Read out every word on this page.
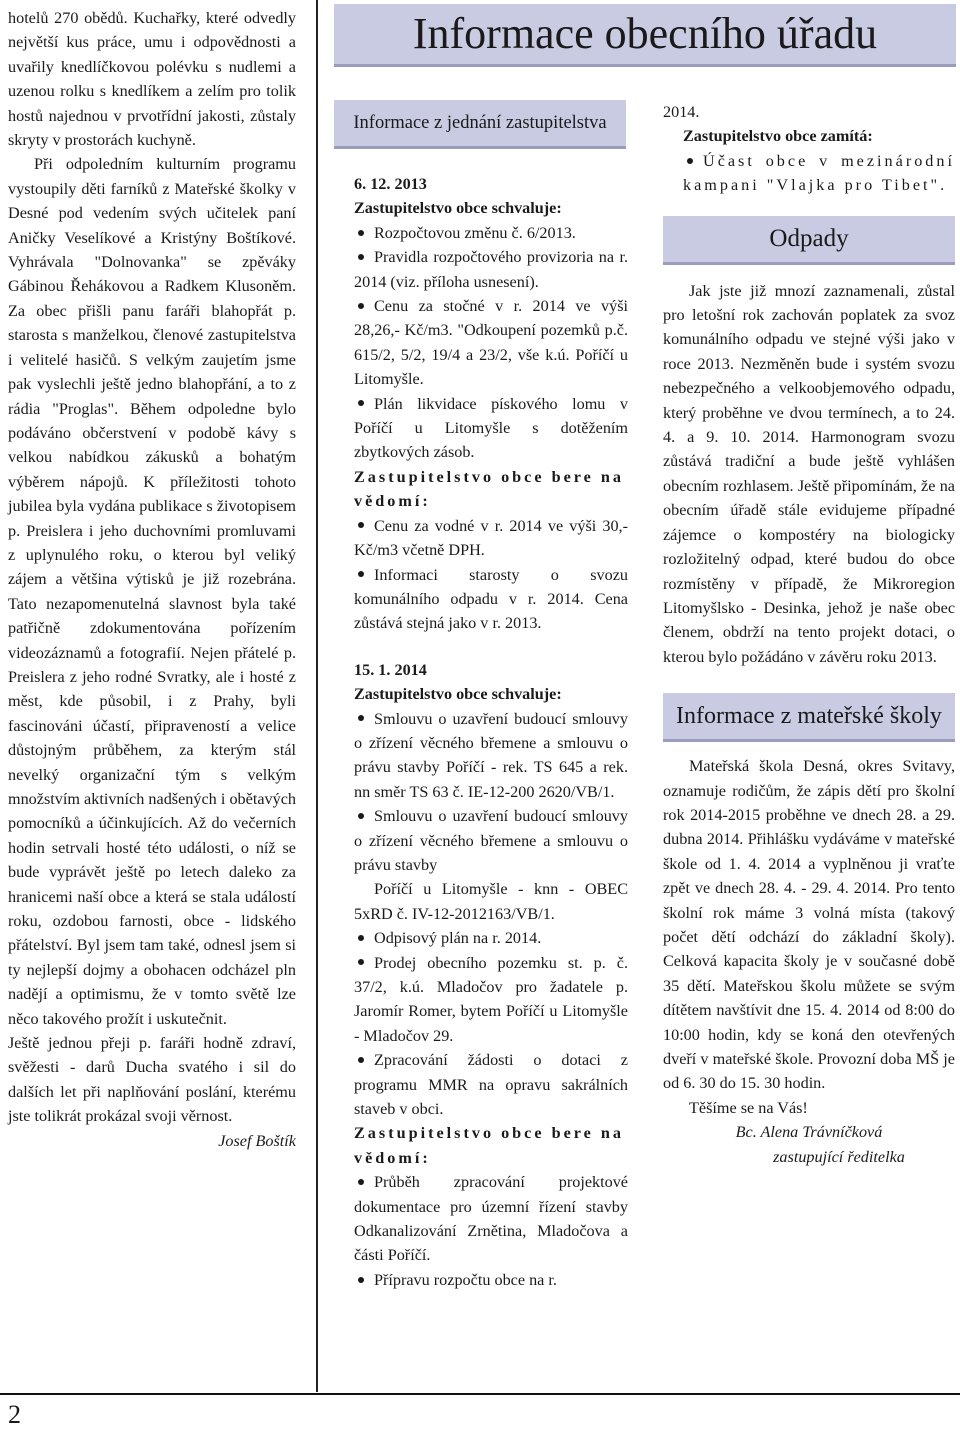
2
Informace obecního úřadu

hotelů 270 obědů. Kuchařky, které odvedly největší kus práce, umu i odpovědnosti a uvařily knedlíčkovou polévku s nudlemi a uzenou rolku s knedlíkem a zelím pro tolik hostů najednou v prvotřídní jakosti, zůstaly skryty v prostorách kuchyně.

Při odpoledním kulturním programu vystoupily děti farníků z Mateřské školky v Desné pod vedením svých učitelek paní Aničky Veselíkové a Kristýny Boštíkové. Vyhrávala "Dolnovanka" se zpěváky Gábinou Řehákovou a Radkem Klusoněm. Za obec přišli panu faráři blahopřát p. starosta s manželkou, členové zastupitelstva i velitelé hasičů. S velkým zaujetím jsme pak vyslechli ještě jedno blahopřání, a to z rádia "Proglas". Během odpoledne bylo podáváno občerstvení v podobě kávy s velkou nabídkou zákusků a bohatým výběrem nápojů. K příležitosti tohoto jubilea byla vydána publikace s životopisem p. Preislera i jeho duchovními promluvami z uplynulého roku, o kterou byl veliký zájem a většina výtisků je již rozebrána. Tato nezapomenutelná slavnost byla také patřičně zdokumentována pořízením videozáznamů a fotografií. Nejen přátelé p. Preislera z jeho rodné Svratky, ale i hosté z měst, kde působil, i z Prahy, byli fascinováni účastí, připraveností a velice důstojným průběhem, za kterým stál nevelký organizační tým s velkým množstvím aktivních nadšených i obětavých pomocníků a účinkujících. Až do večerních hodin setrvali hosté této události, o níž se bude vyprávět ještě po letech daleko za hranicemi naší obce a která se stala událostí roku, ozdobou farnosti, obce - lidského přátelství. Byl jsem tam také, odnesl jsem si ty nejlepší dojmy a obohacen odcházel pln nadějí a optimismu, že v tomto světě lze něco takového prožít i uskutečnit.

Ještě jednou přeji p. faráři hodně zdraví, svěžesti - darů Ducha svatého i sil do dalších let při naplňování poslání, kterému jste tolikrát prokázal svoji věrnost.

Josef Boštík
Informace z jednání zastupitelstva

6. 12. 2013

Zastupitelstvo obce schvaluje:

Rozpočtovou změnu č. 6/2013.

Pravidla rozpočtového provizoria na r. 2014 (viz. příloha usnesení).

Cenu za stočné v r. 2014 ve výši 28,26,- Kč/m3. "Odkoupení pozemků p.č. 615/2, 5/2, 19/4 a 23/2, vše k.ú. Poříčí u Litomyšle.

Plán likvidace pískového lomu v Poříčí u Litomyšle s dotěžením zbytkových zásob.

Zastupitelstvo obce bere na vědomí:

Cenu za vodné v r. 2014 ve výši 30,- Kč/m3 včetně DPH.

Informaci starosty o svozu komunálního odpadu v r. 2014. Cena zůstává stejná jako v r. 2013.

15. 1. 2014

Zastupitelstvo obce schvaluje:

Smlouvu o uzavření budoucí smlouvy o zřízení věcného břemene a smlouvu o právu stavby Poříčí - rek. TS 645 a rek. nn směr TS 63 č. IE-12-200 2620/VB/1.

Smlouvu o uzavření budoucí smlouvy o zřízení věcného břemene a smlouvu o právu stavby

Poříčí u Litomyšle - knn - OBEC 5xRD č. IV-12-2012163/VB/1.

Odpisový plán na r. 2014.

Prodej obecního pozemku st. p. č. 37/2, k.ú. Mladočov pro žadatele p. Jaromír Romer, bytem Poříčí u Litomyšle - Mladočov 29.

Zpracování žádosti o dotaci z programu MMR na opravu sakrálních staveb v obci.

Zastupitelstvo obce bere na vědomí:

Průběh zpracování projektové dokumentace pro územní řízení stavby Odkanalizování Zrnětina, Mladočova a části Poříčí.

Přípravu rozpočtu obce na r.

2014.

Zastupitelstvo obce zamítá:

Účast obce v mezinárodní kampani "Vlajka pro Tibet".

Odpady

Jak jste již mnozí zaznamenali, zůstal pro letošní rok zachován poplatek za svoz komunálního odpadu ve stejné výši jako v roce 2013. Nezměněn bude i systém svozu nebezpečného a velkoobjemového odpadu, který proběhne ve dvou termínech, a to 24. 4. a 9. 10. 2014. Harmonogram svozu zůstává tradiční a bude ještě vyhlášen obecním rozhlasem. Ještě připomínám, že na obecním úřadě stále evidujeme případné zájemce o kompostéry na biologicky rozložitelný odpad, které budou do obce rozmístěny v případě, že Mikroregion Litomyšlsko - Desinka, jehož je naše obec členem, obdrží na tento projekt dotaci, o kterou bylo požádáno v závěru roku 2013.

Informace z mateřské školy

Mateřská škola Desná, okres Svitavy, oznamuje rodičům, že zápis dětí pro školní rok 2014-2015 proběhne ve dnech 28. a 29. dubna 2014. Přihlášku vydáváme v mateřské škole od 1. 4. 2014 a vyplněnou ji vraťte zpět ve dnech 28. 4. - 29. 4. 2014. Pro tento školní rok máme 3 volná místa (takový počet dětí odchází do základní školy). Celková kapacita školy je v současné době 35 dětí. Mateřskou školu můžete se svým dítětem navštívit dne 15. 4. 2014 od 8:00 do 10:00 hodin, kdy se koná den otevřených dveří v mateřské škole. Provozní doba MŠ je od 6. 30 do 15. 30 hodin.

Těšíme se na Vás!

Bc. Alena Trávníčková

zastupující ředitelka
